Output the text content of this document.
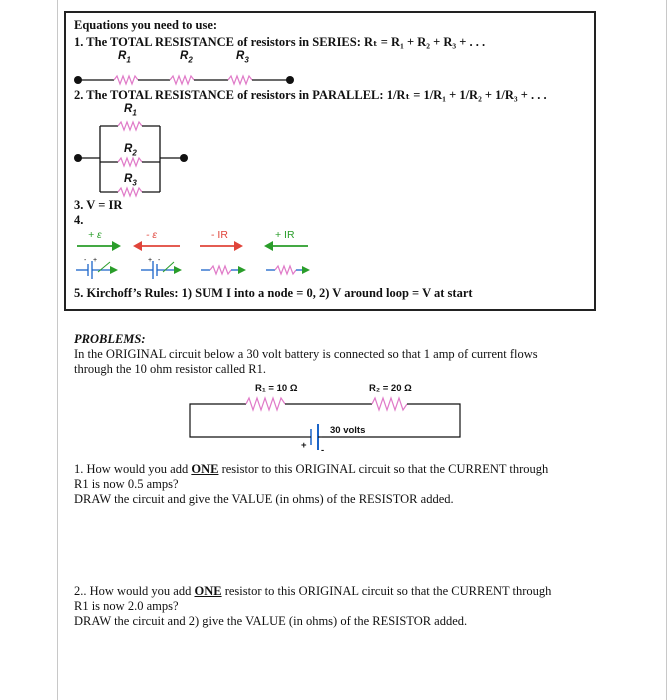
Equations you need to use:
1. The TOTAL RESISTANCE of resistors in SERIES: Rₜ = R₁ + R₂ + R₃ + . . .
$R_1$	$R_2$	$R_3$
2. The TOTAL RESISTANCE of resistors in PARALLEL: 1/Rₜ = 1/R₁ + 1/R₂ + 1/R₃ + . . .
$R_1$
$R_2$
$R_3$
3. V = IR
4.
+ ε	- ε	- IR	+ IR
5. Kirchoff’s Rules: 1) SUM I into a node = 0, 2) V around loop = V at start
- +	+ -
PROBLEMS:
In the ORIGINAL circuit below a 30 volt battery is connected so that 1 amp of current flows
through the 10 ohm resistor called R1.
R₁ = 10 Ω	R₂ = 20 Ω
30 volts
+ -
1. How would you add ONE resistor to this ORIGINAL circuit so that the CURRENT through
R1 is now 0.5 amps?
DRAW the circuit and give the VALUE (in ohms) of the RESISTOR added.
2.. How would you add ONE resistor to this ORIGINAL circuit so that the CURRENT through
R1 is now 2.0 amps?
DRAW the circuit and 2) give the VALUE (in ohms) of the RESISTOR added.
